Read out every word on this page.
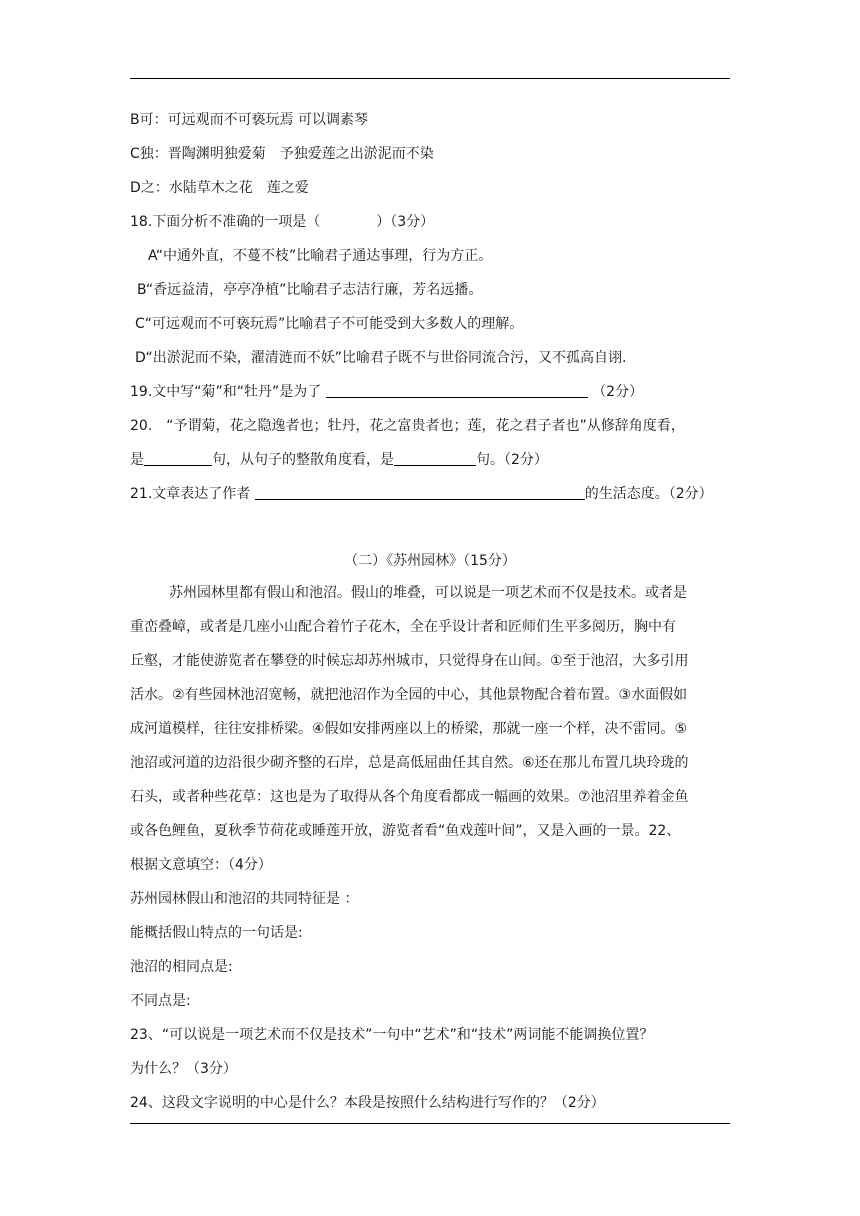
B可：可远观而不可亵玩焉 可以调素琴
C独：晋陶渊明独爱菊　予独爱莲之出淤泥而不染
D之：水陆草木之花　莲之爱
18.下面分析不准确的一项是（	）（3分）
A“中通外直，不蔓不枝”比喻君子通达事理，行为方正。
B“香远益清，亭亭净植”比喻君子志洁行廉，芳名远播。
C“可远观而不可亵玩焉”比喻君子不可能受到大多数人的理解。
D“出淤泥而不染，濯清涟而不妖”比喻君子既不与世俗同流合污，又不孤高自诩.
19.文中写“菊”和“牡丹”是为了	（2分）
20.　“予谓菊，花之隐逸者也；牡丹，花之富贵者也；莲，花之君子者也”从修辞角度看，
是	句，从句子的整散角度看，是	句。（2分）
21.文章表达了作者	的生活态度。（2分）
（二）《苏州园林》（15分）
苏州园林里都有假山和池沼。假山的堆叠，可以说是一项艺术而不仅是技术。或者是
重峦叠嶂，或者是几座小山配合着竹子花木，全在乎设计者和匠师们生平多阅历，胸中有
丘壑，才能使游览者在攀登的时候忘却苏州城市，只觉得身在山间。①至于池沼，大多引用
活水。②有些园林池沼宽畅，就把池沼作为全园的中心，其他景物配合着布置。③水面假如
成河道模样，往往安排桥梁。④假如安排两座以上的桥梁，那就一座一个样，决不雷同。⑤
池沼或河道的边沿很少砌齐整的石岸，总是高低屈曲任其自然。⑥还在那儿布置几块玲珑的
石头，或者种些花草：这也是为了取得从各个角度看都成一幅画的效果。⑦池沼里养着金鱼
或各色鲤鱼，夏秋季节荷花或睡莲开放，游览者看“鱼戏莲叶间”，又是入画的一景。22、
根据文意填空：（4分）
苏州园林假山和池沼的共同特征是 ：
能概括假山特点的一句话是:
池沼的相同点是:
不同点是:
23、“可以说是一项艺术而不仅是技术”一句中“艺术”和“技术”两词能不能调换位置？
为什么？（3分）
24、这段文字说明的中心是什么？本段是按照什么结构进行写作的？（2分）
